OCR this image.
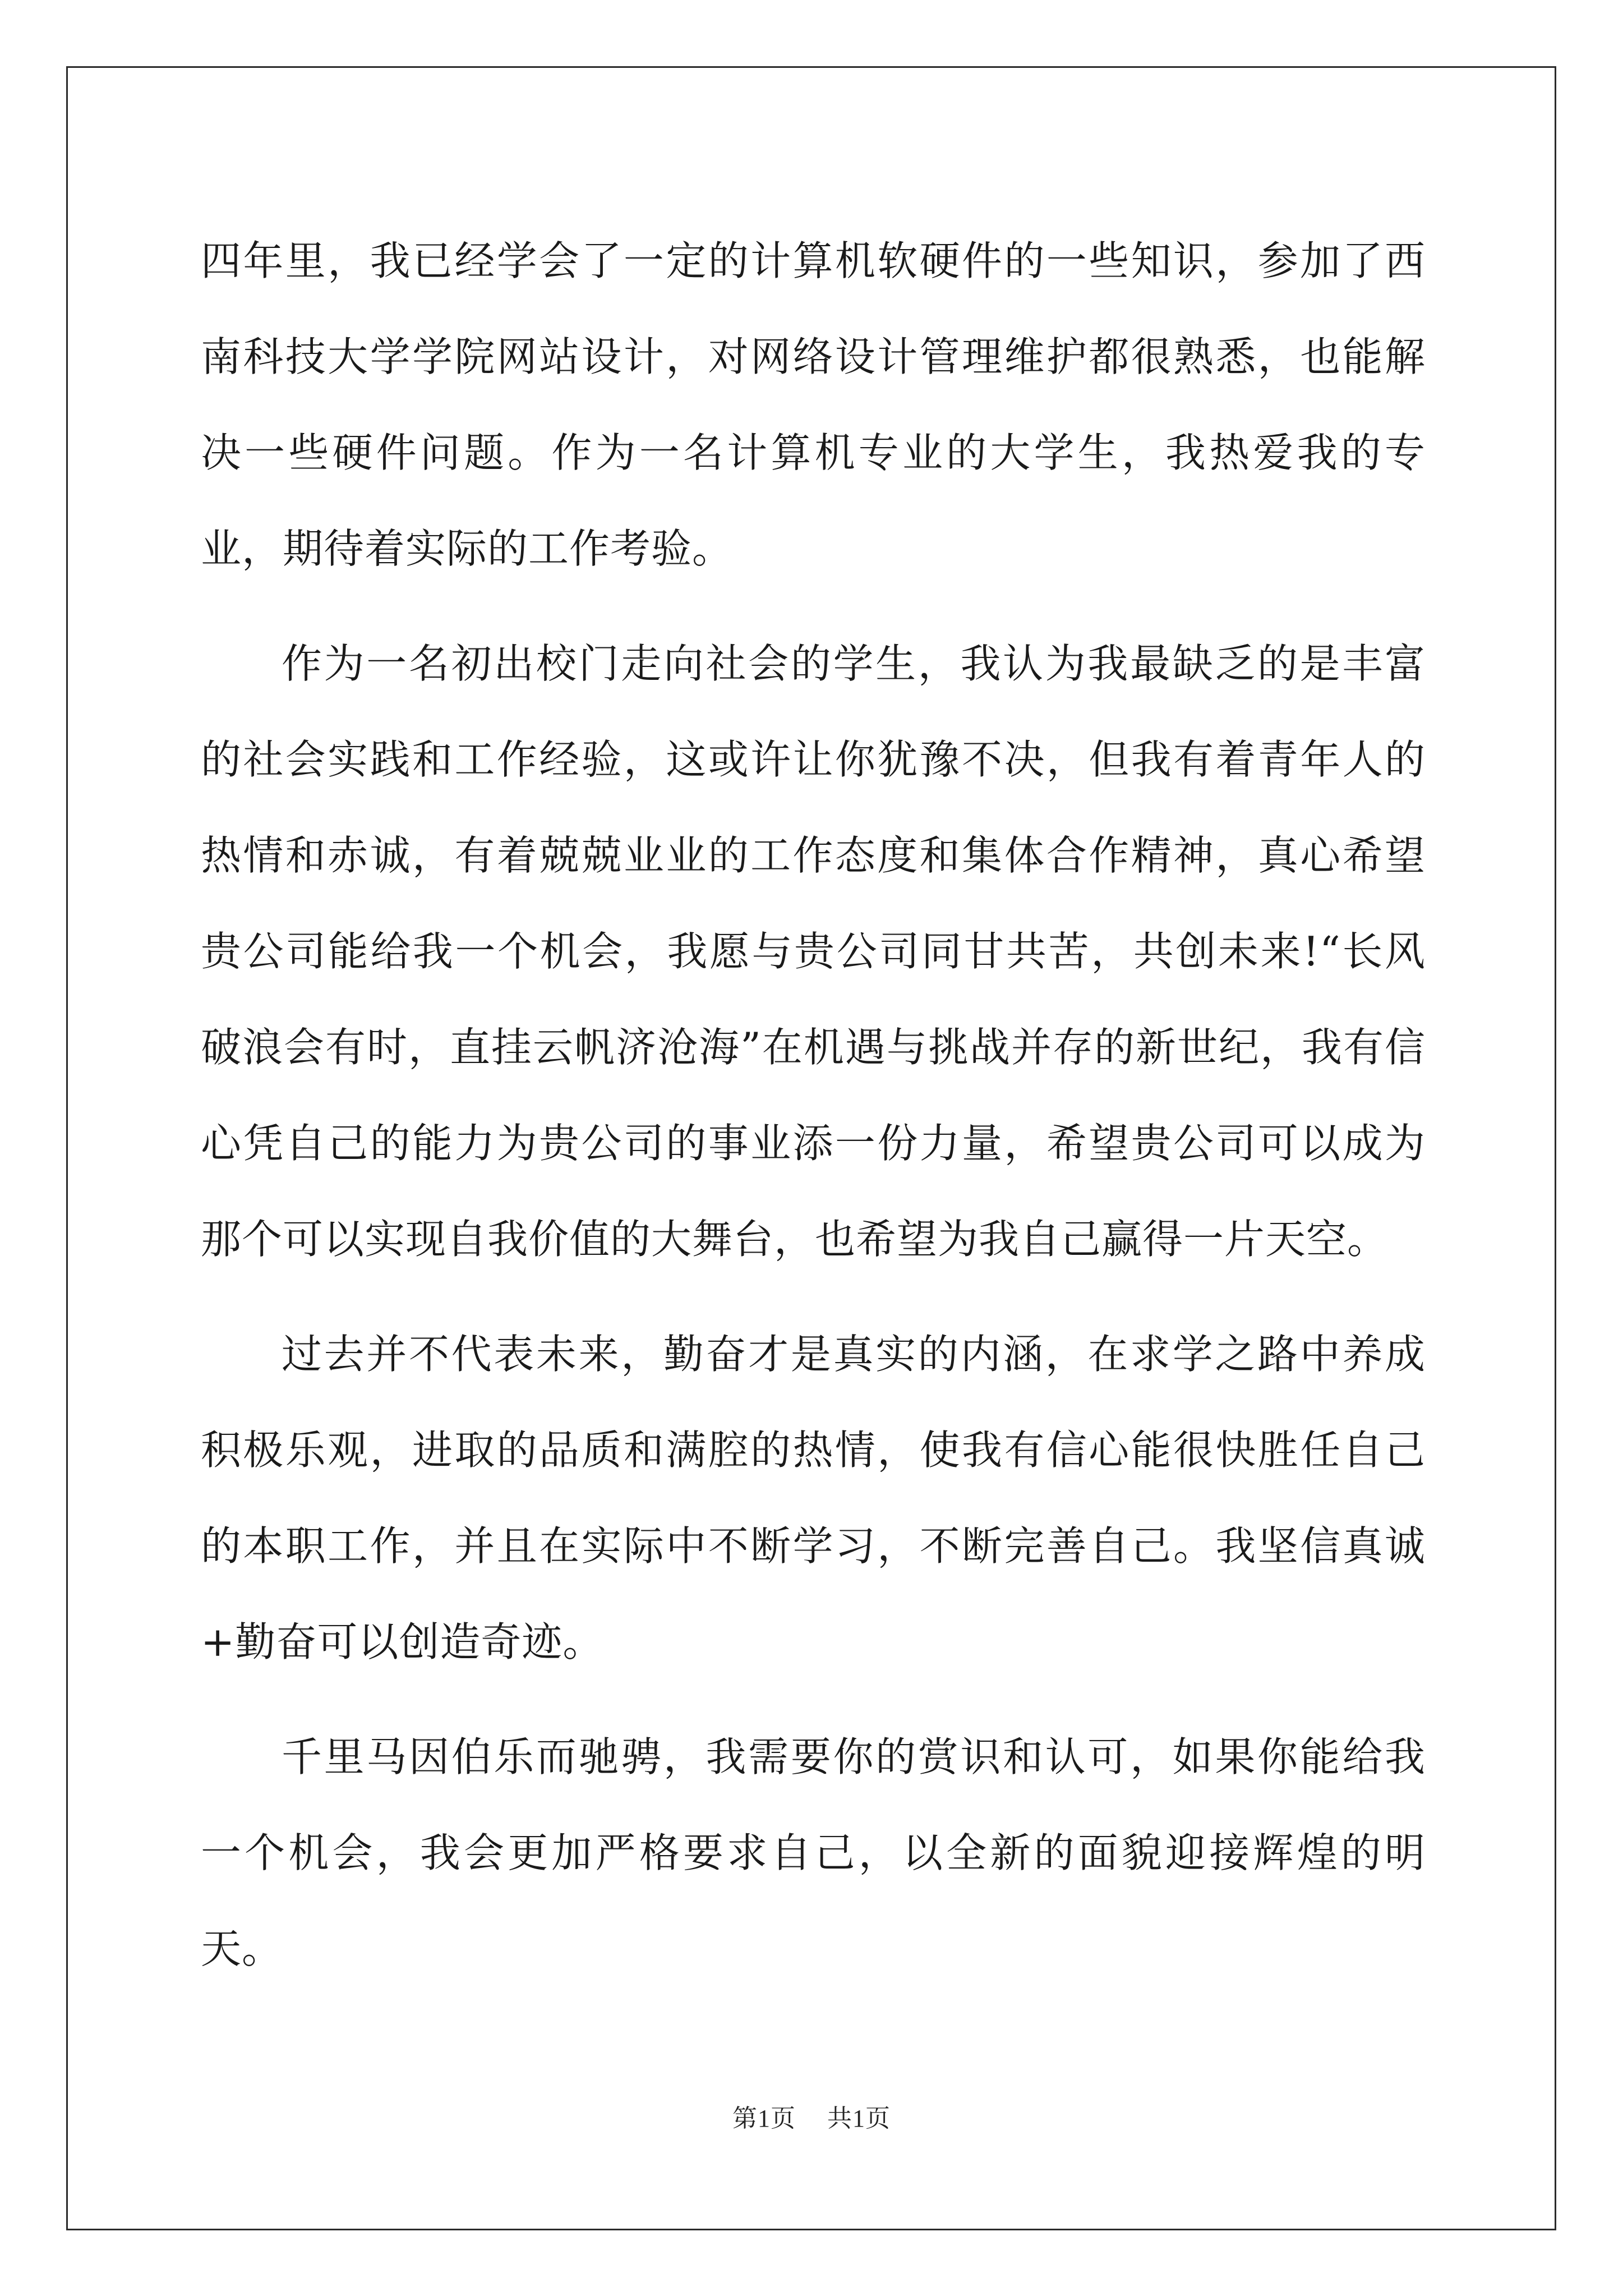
四年里，我已经学会了一定的计算机软硬件的一些知识，参加了西南科技大学学院网站设计，对网络设计管理维护都很熟悉，也能解决一些硬件问题。作为一名计算机专业的大学生，我热爱我的专业，期待着实际的工作考验。

作为一名初出校门走向社会的学生，我认为我最缺乏的是丰富的社会实践和工作经验，这或许让你犹豫不决，但我有着青年人的热情和赤诚，有着兢兢业业的工作态度和集体合作精神，真心希望贵公司能给我一个机会，我愿与贵公司同甘共苦，共创未来!“长风破浪会有时，直挂云帆济沧海”在机遇与挑战并存的新世纪，我有信心凭自己的能力为贵公司的事业添一份力量，希望贵公司可以成为那个可以实现自我价值的大舞台，也希望为我自己赢得一片天空。

过去并不代表未来，勤奋才是真实的内涵，在求学之路中养成积极乐观，进取的品质和满腔的热情，使我有信心能很快胜任自己的本职工作，并且在实际中不断学习，不断完善自己。我坚信真诚+勤奋可以创造奇迹。

千里马因伯乐而驰骋，我需要你的赏识和认可，如果你能给我一个机会，我会更加严格要求自己，以全新的面貌迎接辉煌的明天。

第1页 共1页
